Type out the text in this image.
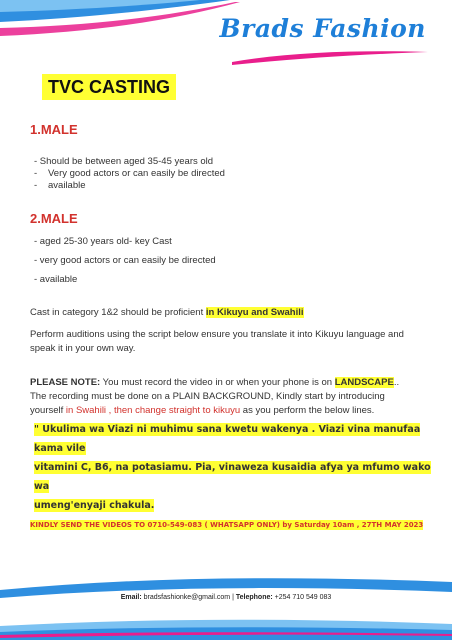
Brads Fashion
TVC CASTING
1.MALE
- Should be between aged 35-45 years old
- Very good actors or can easily be directed
- available
2.MALE
- aged 25-30 years old- key Cast
- very good actors or can easily be directed
- available
Cast in category 1&2 should be proficient in Kikuyu and Swahili
Perform auditions using the script below ensure you translate it into Kikuyu language and
speak it in your own way.
PLEASE NOTE: You must record the video in or when your phone is on LANDSCAPE..
The recording must be done on a PLAIN BACKGROUND, Kindly start by introducing
yourself in Swahili , then change straight to kikuyu as you perform the below lines.
" Ukulima wa Viazi ni muhimu sana kwetu wakenya . Viazi vina manufaa kama vile
vitamini C, B6, na potasiamu. Pia, vinaweza kusaidia afya ya mfumo wako wa
umeng'enyaji chakula.
KINDLY SEND THE VIDEOS TO 0710-549-083 ( WHATSAPP ONLY) by Saturday 10am , 27TH MAY 2023
Email: bradsfashionke@gmail.com | Telephone: +254 710 549 083
